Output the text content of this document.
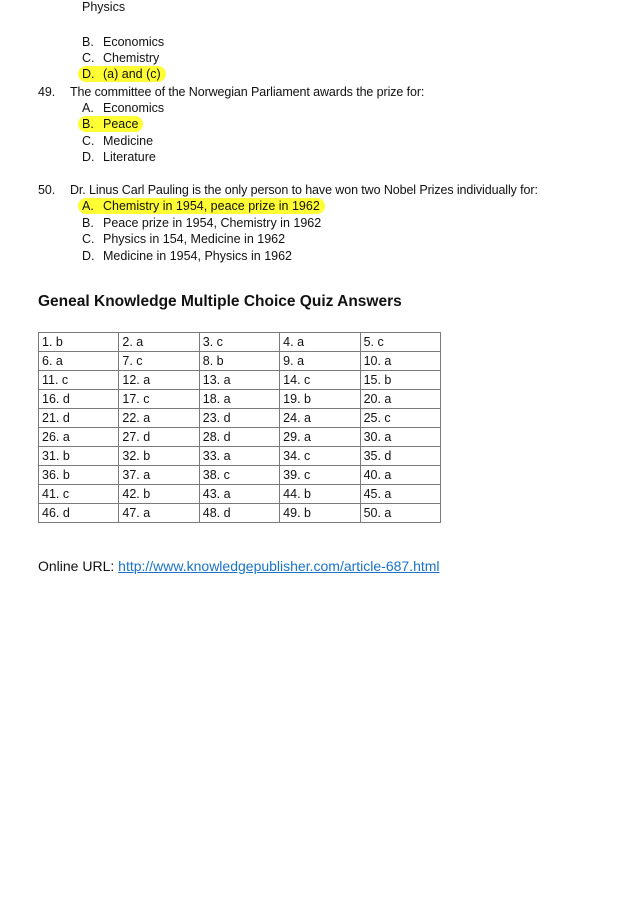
Physics
B. Economics
C. Chemistry
D. (a) and (c)
49. The committee of the Norwegian Parliament awards the prize for:
A. Economics
B. Peace
C. Medicine
D. Literature
50. Dr. Linus Carl Pauling is the only person to have won two Nobel Prizes individually for:
A. Chemistry in 1954, peace prize in 1962
B. Peace prize in 1954, Chemistry in 1962
C. Physics in 154, Medicine in 1962
D. Medicine in 1954, Physics in 1962
Geneal Knowledge Multiple Choice Quiz Answers
1. b	2. a	3. c	4. a	5. c
6. a	7. c	8. b	9. a	10. a
11. c	12. a	13. a	14. c	15. b
16. d	17. c	18. a	19. b	20. a
21. d	22. a	23. d	24. a	25. c
26. a	27. d	28. d	29. a	30. a
31. b	32. b	33. a	34. c	35. d
36. b	37. a	38. c	39. c	40. a
41. c	42. b	43. a	44. b	45. a
46. d	47. a	48. d	49. b	50. a
Online URL: http://www.knowledgepublisher.com/article-687.html
